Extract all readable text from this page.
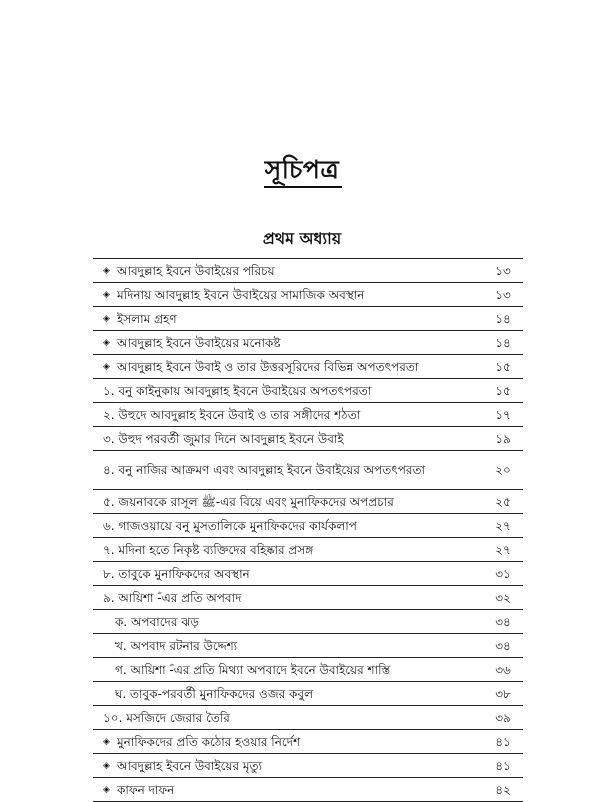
সূচিপত্র
প্রথম অধ্যায়
◈ আবদুল্লাহ ইবনে উবাইয়ের পরিচয়	১৩
◈ মদিনায় আবদুল্লাহ ইবনে উবাইয়ের সামাজিক অবস্থান	১৩
◈ ইসলাম গ্রহণ	১৪
◈ আবদুল্লাহ ইবনে উবাইয়ের মনোকষ্ট	১৪
◈ আবদুল্লাহ ইবনে উবাই ও তার উত্তরসূরিদের বিভিন্ন অপতৎপরতা	১৫
১. বনু কাইনুকায় আবদুল্লাহ ইবনে উবাইয়ের অপতৎপরতা	১৫
২. উহুদে আবদুল্লাহ ইবনে উবাই ও তার সঙ্গীদের শঠতা	১৭
৩. উহুদ পরবর্তী জুমার দিনে আবদুল্লাহ ইবনে উবাই	১৯
৪. বনু নাজির আক্রমণ এবং আবদুল্লাহ ইবনে উবাইয়ের অপতৎপরতা	২০
৫. জয়নাবকে রাসূল ﷺ-এর বিয়ে এবং মুনাফিকদের অপপ্রচার	২৫
৬. গাজওয়ায়ে বনু মুসতালিকে মুনাফিকদের কার্যকলাপ	২৭
৭. মদিনা হতে নিকৃষ্ট ব্যক্তিদের বহিষ্কার প্রসঙ্গ	২৭
৮. তাবুকে মুনাফিকদের অবস্থান	৩১
৯. আয়িশা ؓ-এর প্রতি অপবাদ	৩২
ক. অপবাদের ঝড়	৩৪
খ. অপবাদ রটনার উদ্দেশ্য	৩৪
গ. আয়িশা ؓ-এর প্রতি মিথ্যা অপবাদে ইবনে উবাইয়ের শাস্তি	৩৬
ঘ. তাবুক-পরবর্তী মুনাফিকদের ওজর কবুল	৩৮
১০. মসজিদে জেরার তৈরি	৩৯
◈ মুনাফিকদের প্রতি কঠোর হওয়ার নির্দেশ	৪১
◈ আবদুল্লাহ ইবনে উবাইয়ের মৃত্যু	৪১
◈ কাফন দাফন	৪২
